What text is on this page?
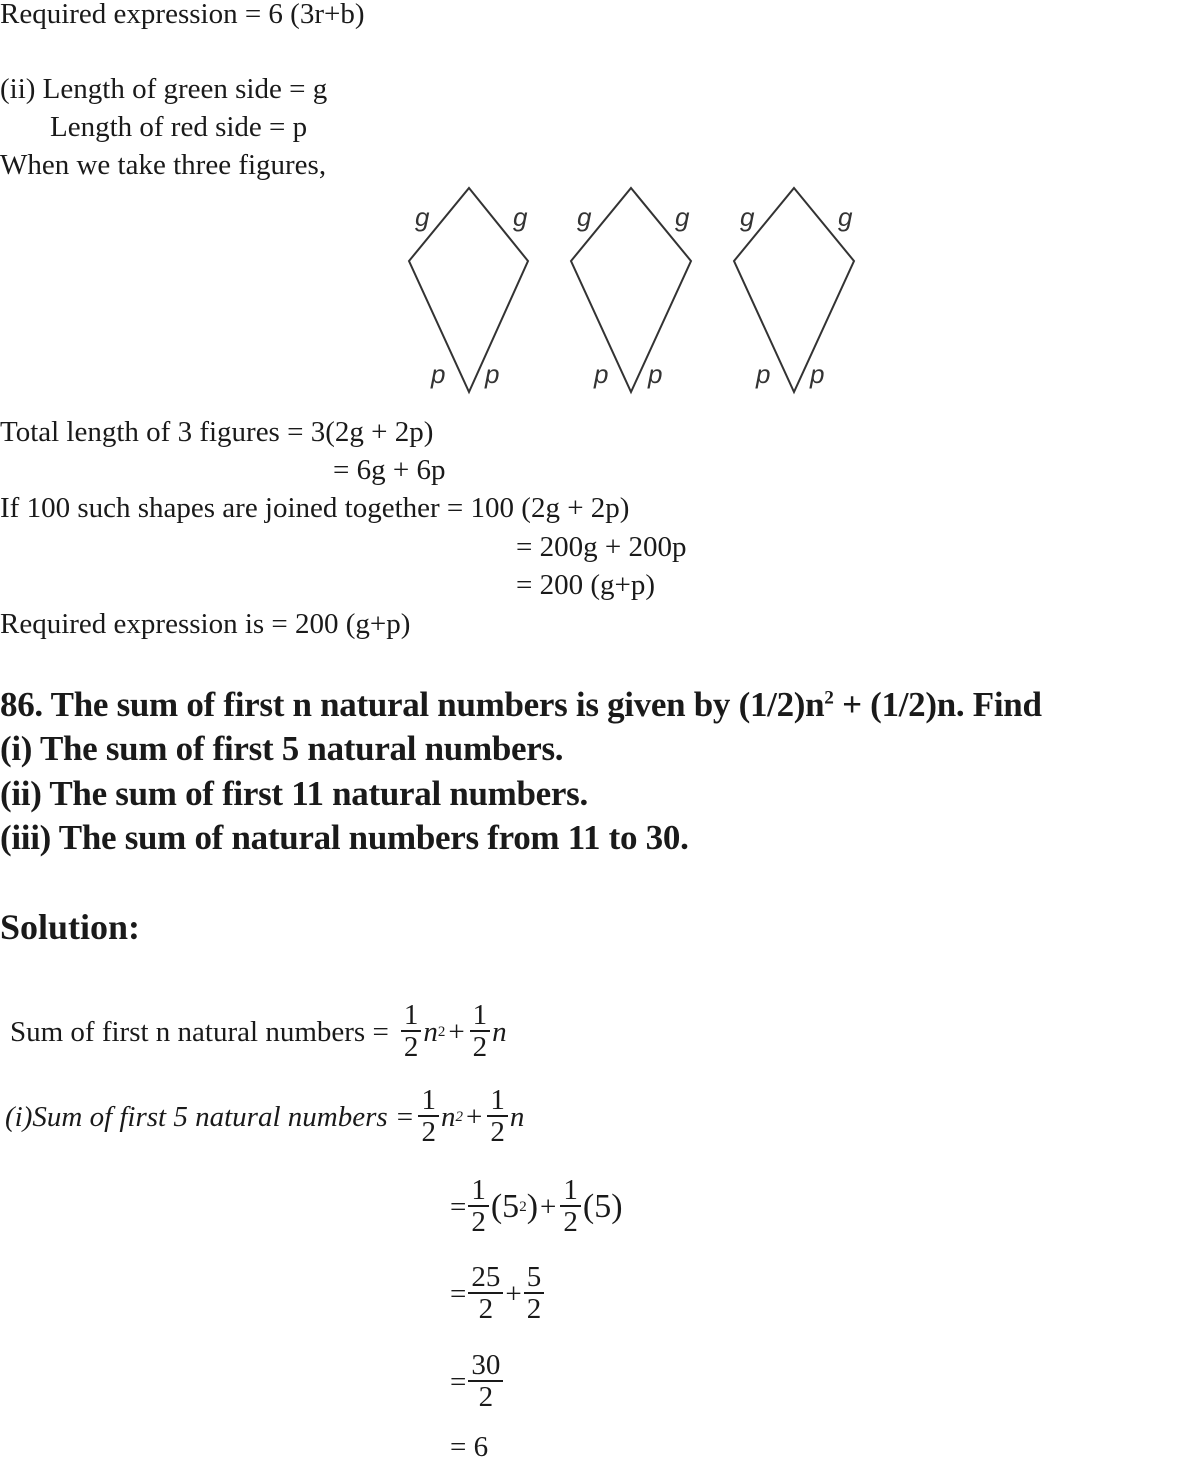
Required expression = 6 (3r+b)
(ii) Length of green side = g
Length of red side = p
When we take three figures,
g	g
p p
g	g
p p
g	g
p p
Total length of 3 figures = 3(2g + 2p)
= 6g + 6p
If 100 such shapes are joined together = 100 (2g + 2p)
= 200g + 200p
= 200 (g+p)
Required expression is = 200 (g+p)
86. The sum of first n natural numbers is given by $(1/2)n^2 + (1/2)n$. Find
(i) The sum of first 5 natural numbers.
(ii) The sum of first 11 natural numbers.
(iii) The sum of natural numbers from 11 to 30.
Solution:
Sum of first n natural numbers = $\frac{1}{2}$ n $2 + \frac{1}{2}$ n
(i)Sum of first 5 natural numbers = $\frac{1}{2}$ n $2 + \frac{1}{2}$ n
= $\frac{1}{2} (5$ 2 ) + $\frac{1}{2} (5)$
= $\frac{25}{2} + \frac{5}{2}$
= $\frac{30}{2}$
= 6
